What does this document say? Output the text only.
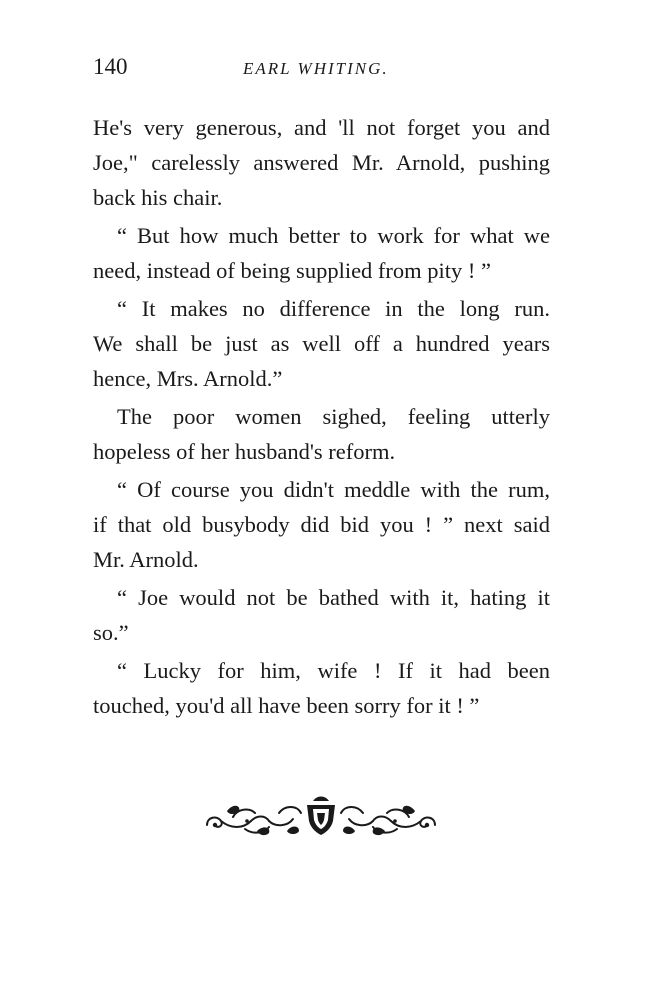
140	EARL WHITING.
He's very generous, and 'll not forget you and
Joe," carelessly answered Mr. Arnold, pushing
back his chair.
“ But how much better to work for what we
need, instead of being supplied from pity ! ”
“ It makes no difference in the long run.
We shall be just as well off a hundred years
hence, Mrs. Arnold.”
The poor women sighed, feeling utterly
hopeless of her husband's reform.
“ Of course you didn't meddle with the rum,
if that old busybody did bid you ! ” next said
Mr. Arnold.
“ Joe would not be bathed with it, hating it
so.”
“ Lucky for him, wife ! If it had been
touched, you'd all have been sorry for it ! ”
